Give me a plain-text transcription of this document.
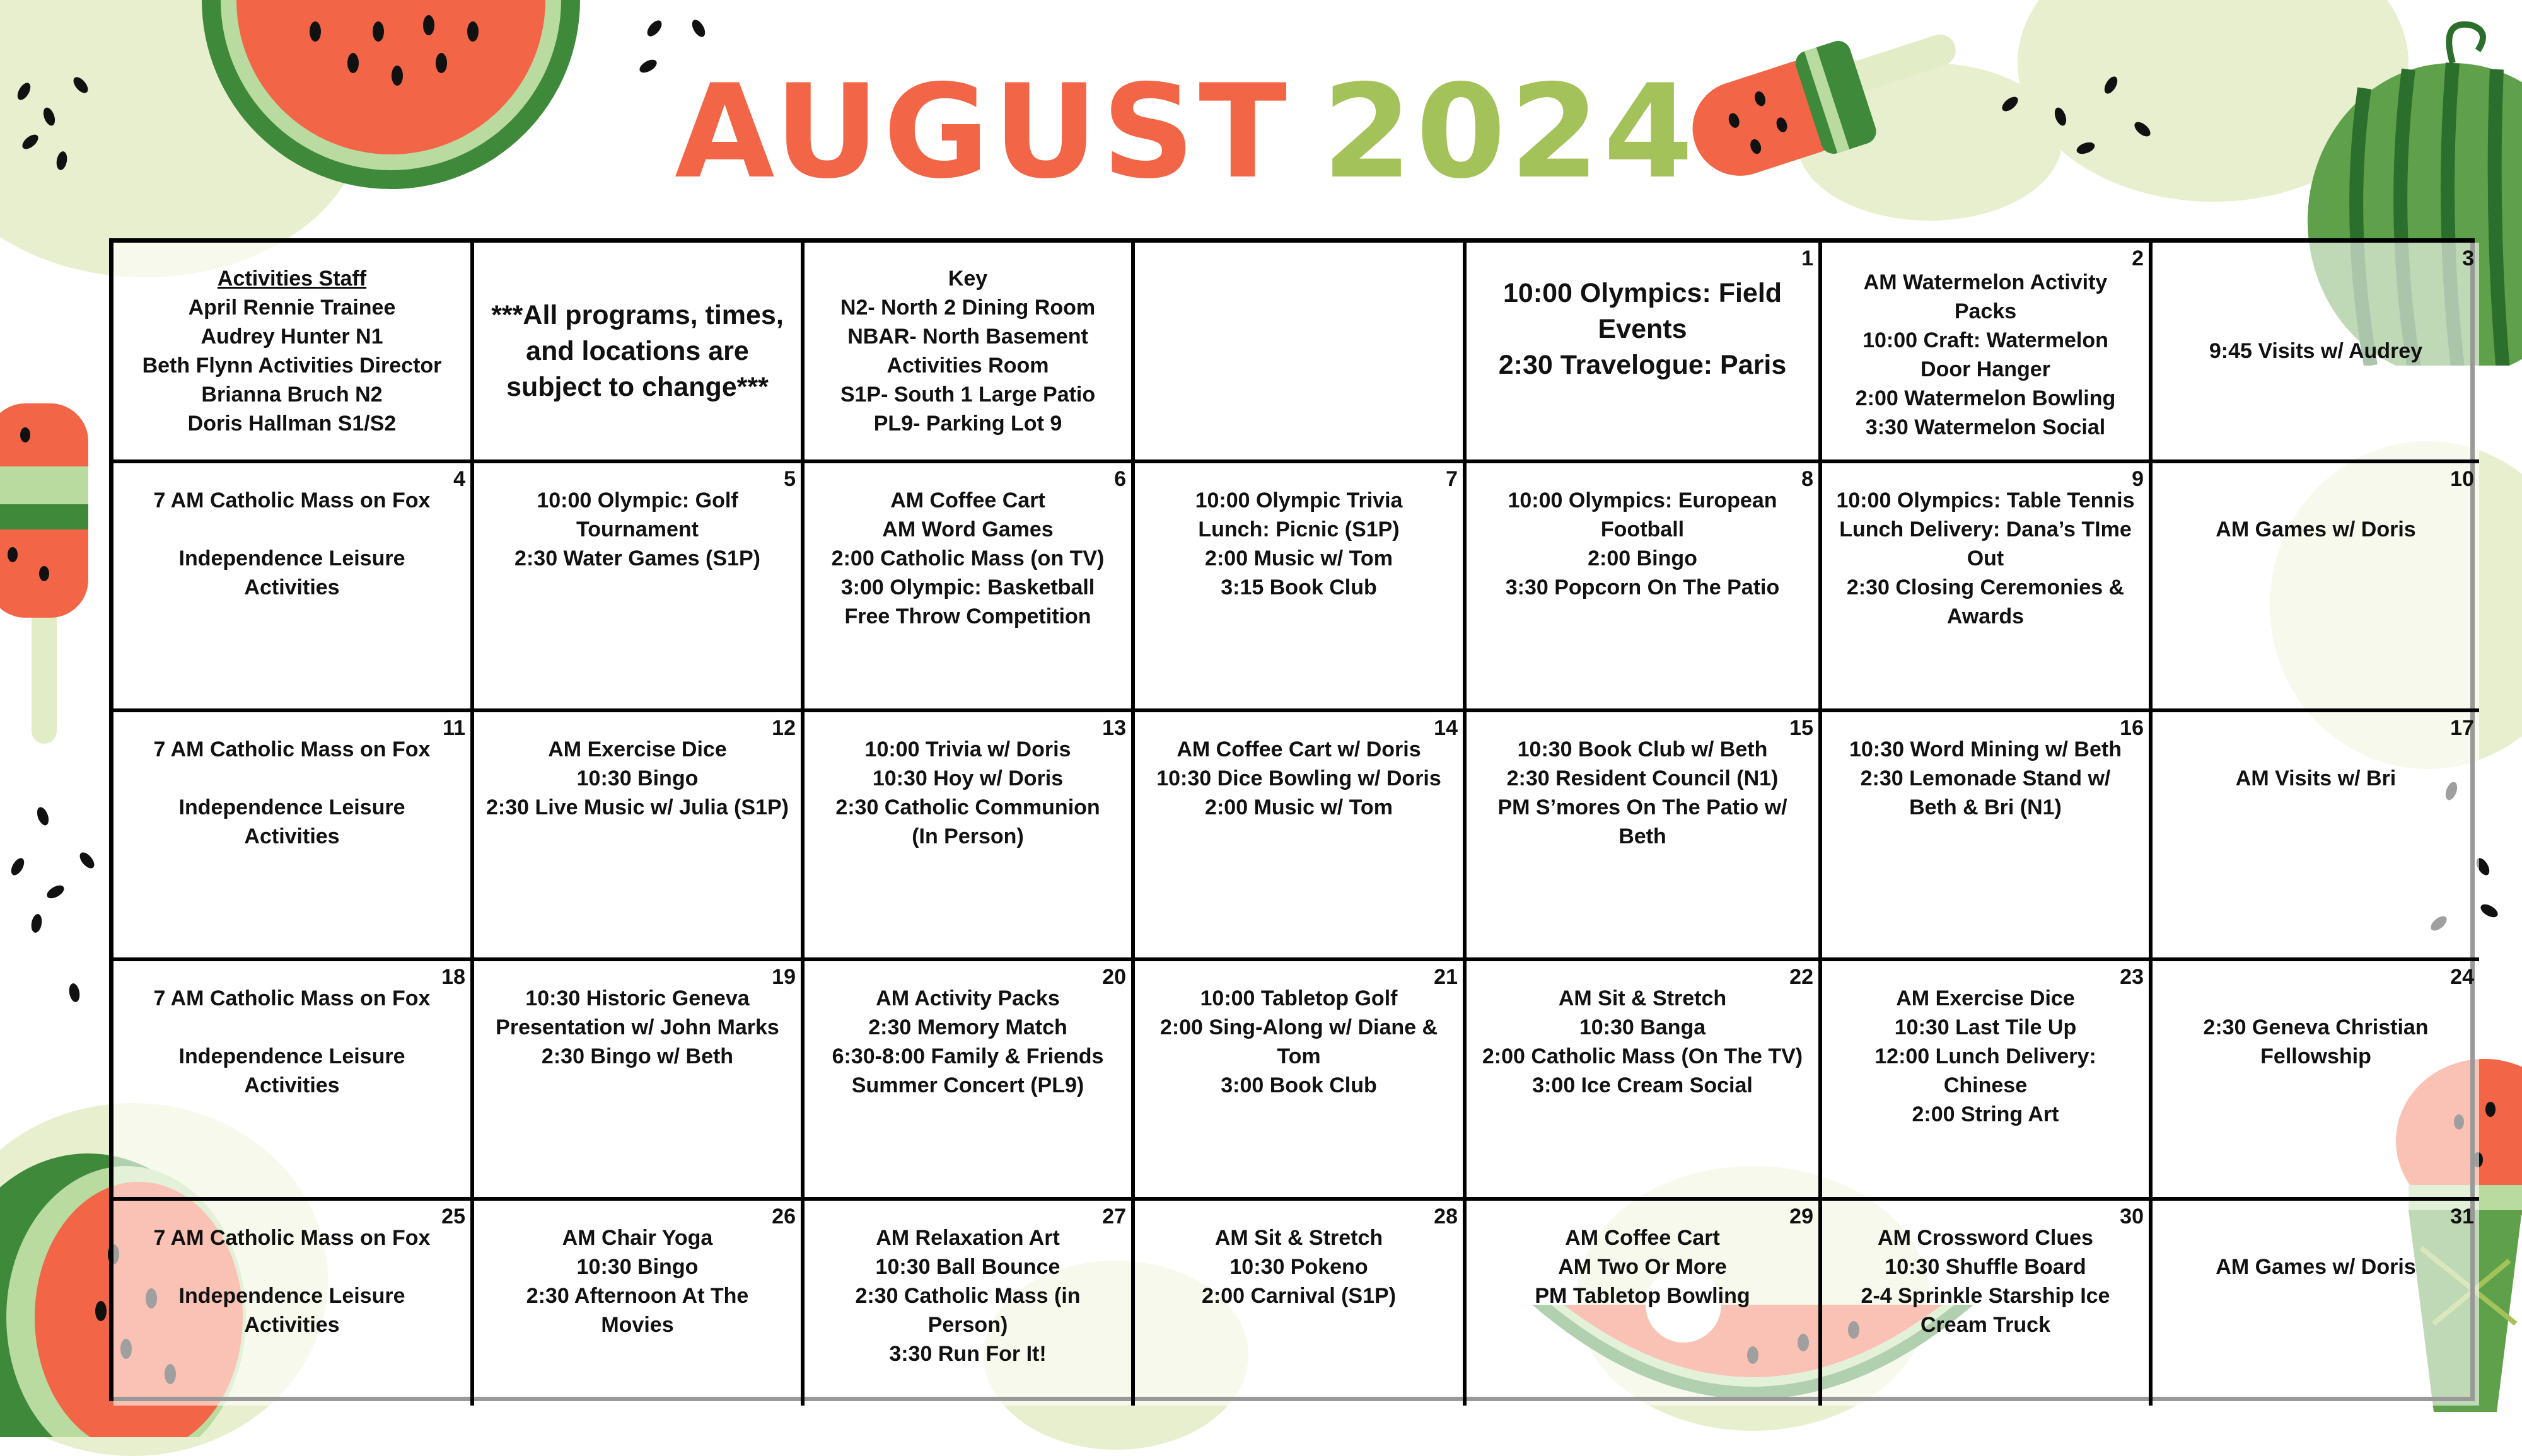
AUGUST 2024
Activities Staff
April Rennie Trainee
Audrey Hunter N1
Beth Flynn Activities Director
Brianna Bruch N2
Doris Hallman S1/S2
***All programs, times,
and locations are
subject to change***
Key
N2- North 2 Dining Room
NBAR- North Basement
Activities Room
S1P- South 1 Large Patio
PL9- Parking Lot 9
1
10:00 Olympics: Field
Events
2:30 Travelogue: Paris
2
AM Watermelon Activity
Packs
10:00 Craft: Watermelon
Door Hanger
2:00 Watermelon Bowling
3:30 Watermelon Social
3
9:45 Visits w/ Audrey
4
7 AM Catholic Mass on Fox
Independence Leisure
Activities
5
10:00 Olympic: Golf
Tournament
2:30 Water Games (S1P)
6
AM Coffee Cart
AM Word Games
2:00 Catholic Mass (on TV)
3:00 Olympic: Basketball
Free Throw Competition
7
10:00 Olympic Trivia
Lunch: Picnic (S1P)
2:00 Music w/ Tom
3:15 Book Club
8
10:00 Olympics: European
Football
2:00 Bingo
3:30 Popcorn On The Patio
9
10:00 Olympics: Table Tennis
Lunch Delivery: Dana’s TIme
Out
2:30 Closing Ceremonies &
Awards
10
AM Games w/ Doris
11
7 AM Catholic Mass on Fox
Independence Leisure
Activities
12
AM Exercise Dice
10:30 Bingo
2:30 Live Music w/ Julia (S1P)
13
10:00 Trivia w/ Doris
10:30 Hoy w/ Doris
2:30 Catholic Communion
(In Person)
14
AM Coffee Cart w/ Doris
10:30 Dice Bowling w/ Doris
2:00 Music w/ Tom
15
10:30 Book Club w/ Beth
2:30 Resident Council (N1)
PM S’mores On The Patio w/
Beth
16
10:30 Word Mining w/ Beth
2:30 Lemonade Stand w/
Beth & Bri (N1)
17
AM Visits w/ Bri
18
7 AM Catholic Mass on Fox
Independence Leisure
Activities
19
10:30 Historic Geneva
Presentation w/ John Marks
2:30 Bingo w/ Beth
20
AM Activity Packs
2:30 Memory Match
6:30-8:00 Family & Friends
Summer Concert (PL9)
21
10:00 Tabletop Golf
2:00 Sing-Along w/ Diane &
Tom
3:00 Book Club
22
AM Sit & Stretch
10:30 Banga
2:00 Catholic Mass (On The TV)
3:00 Ice Cream Social
23
AM Exercise Dice
10:30 Last Tile Up
12:00 Lunch Delivery:
Chinese
2:00 String Art
24
2:30 Geneva Christian
Fellowship
25
7 AM Catholic Mass on Fox
Independence Leisure
Activities
26
AM Chair Yoga
10:30 Bingo
2:30 Afternoon At The
Movies
27
AM Relaxation Art
10:30 Ball Bounce
2:30 Catholic Mass (in
Person)
3:30 Run For It!
28
AM Sit & Stretch
10:30 Pokeno
2:00 Carnival (S1P)
29
AM Coffee Cart
AM Two Or More
PM Tabletop Bowling
30
AM Crossword Clues
10:30 Shuffle Board
2-4 Sprinkle Starship Ice
Cream Truck
31
AM Games w/ Doris
